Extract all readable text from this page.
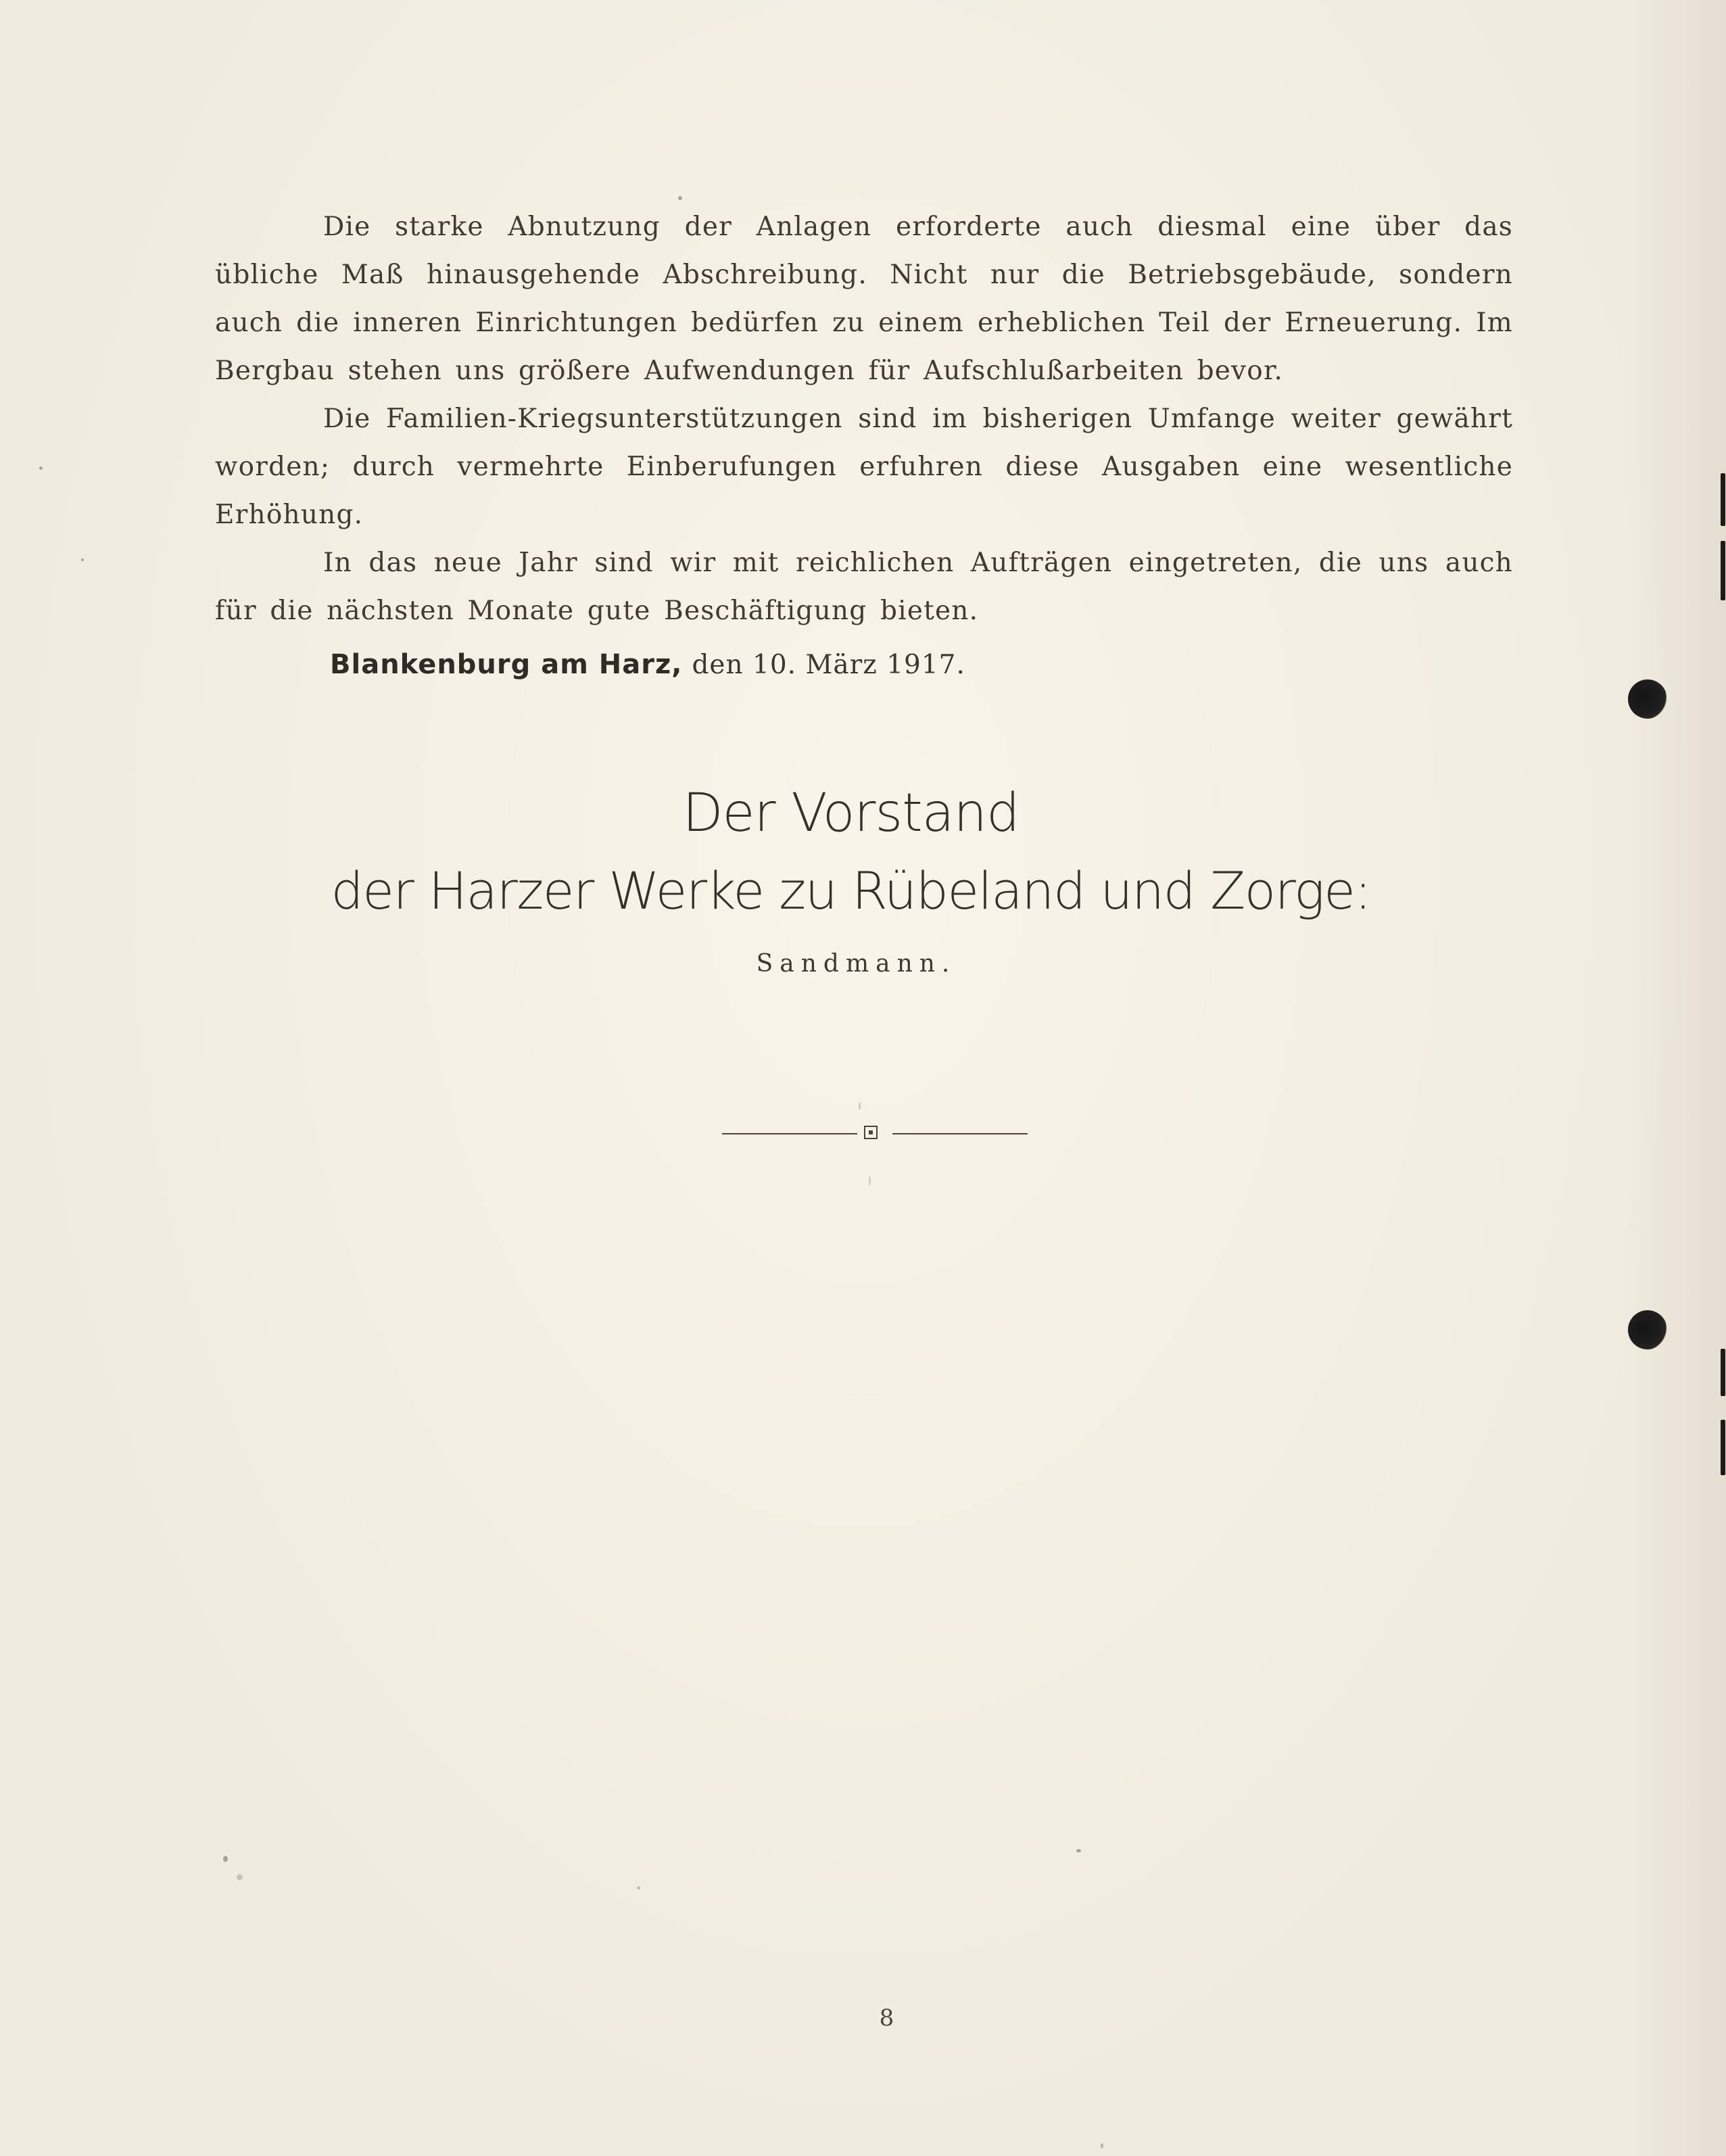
Die starke Abnutzung der Anlagen erforderte auch diesmal eine über das übliche Maß hinausgehende Abschreibung. Nicht nur die Betriebsgebäude, sondern auch die inneren Einrichtungen bedürfen zu einem erheblichen Teil der Erneuerung. Im Bergbau stehen uns größere Aufwendungen für Aufschlußarbeiten bevor.

Die Familien-Kriegsunterstützungen sind im bisherigen Umfange weiter gewährt worden; durch vermehrte Einberufungen erfuhren diese Ausgaben eine wesentliche Erhöhung.

In das neue Jahr sind wir mit reichlichen Aufträgen eingetreten, die uns auch für die nächsten Monate gute Beschäftigung bieten.

Blankenburg am Harz, den 10. März 1917.
Der Vorstand
der Harzer Werke zu Rübeland und Zorge:
Sandmann.
8
